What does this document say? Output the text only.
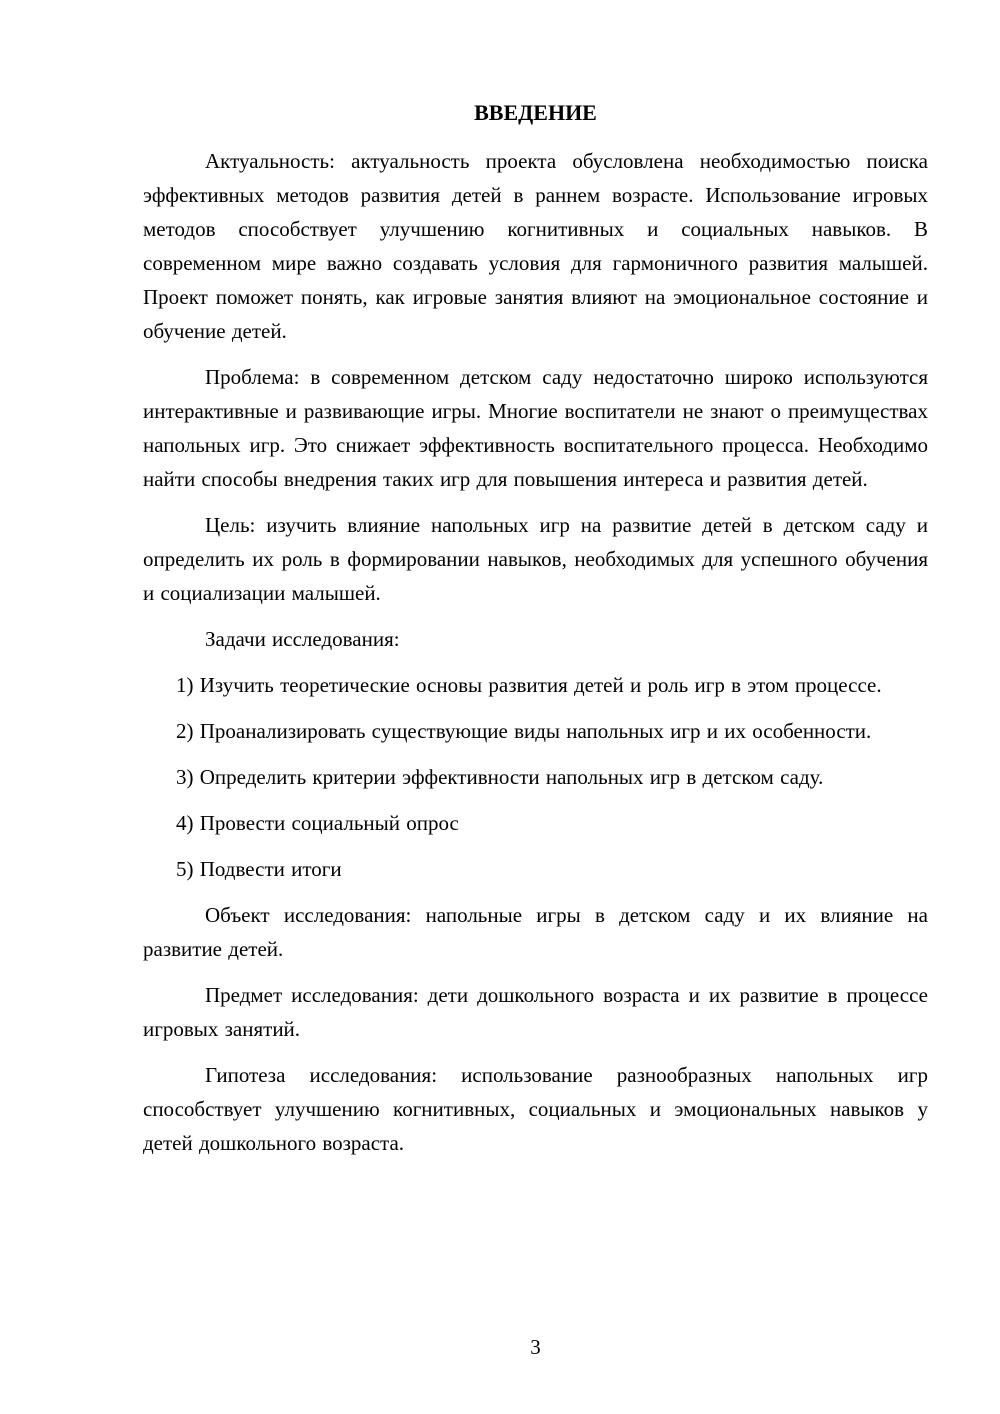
ВВЕДЕНИЕ

Актуальность: актуальность проекта обусловлена необходимостью поиска эффективных методов развития детей в раннем возрасте. Использование игровых методов способствует улучшению когнитивных и социальных навыков. В современном мире важно создавать условия для гармоничного развития малышей. Проект поможет понять, как игровые занятия влияют на эмоциональное состояние и обучение детей.

Проблема: в современном детском саду недостаточно широко используются интерактивные и развивающие игры. Многие воспитатели не знают о преимуществах напольных игр. Это снижает эффективность воспитательного процесса. Необходимо найти способы внедрения таких игр для повышения интереса и развития детей.

Цель: изучить влияние напольных игр на развитие детей в детском саду и определить их роль в формировании навыков, необходимых для успешного обучения и социализации малышей.

Задачи исследования:

1) Изучить теоретические основы развития детей и роль игр в этом процессе.

2) Проанализировать существующие виды напольных игр и их особенности.

3) Определить критерии эффективности напольных игр в детском саду.

4) Провести социальный опрос

5) Подвести итоги

Объект исследования: напольные игры в детском саду и их влияние на развитие детей.

Предмет исследования: дети дошкольного возраста и их развитие в процессе игровых занятий.

Гипотеза исследования: использование разнообразных напольных игр способствует улучшению когнитивных, социальных и эмоциональных навыков у детей дошкольного возраста.

3
